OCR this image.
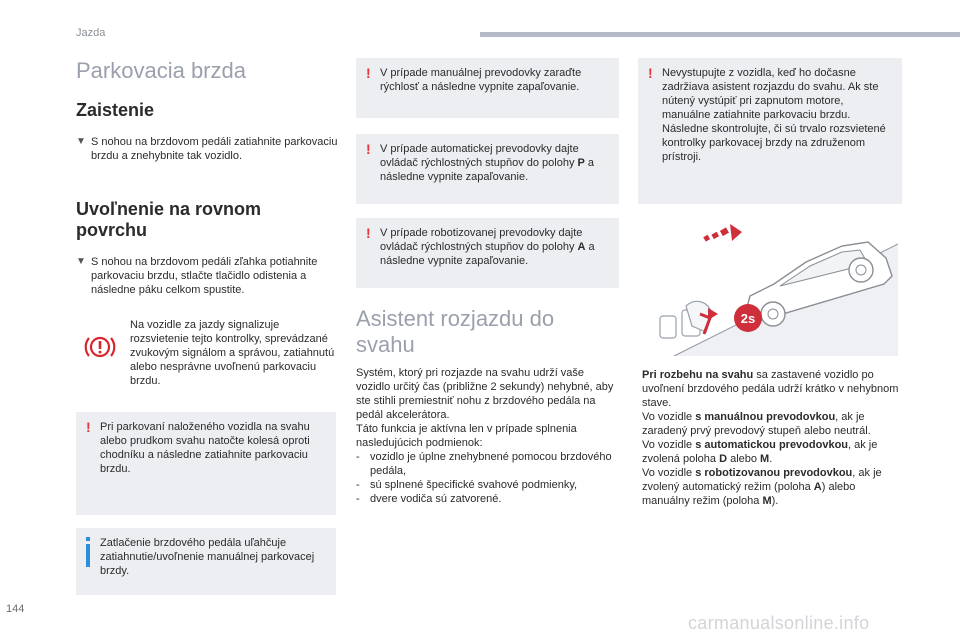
Jazda
Parkovacia brzda
Zaistenie
▼ S nohou na brzdovom pedáli zatiahnite parkovaciu brzdu a znehybnite tak vozidlo.
Uvoľnenie na rovnom povrchu
▼ S nohou na brzdovom pedáli zľahka potiahnite parkovaciu brzdu, stlačte tlačidlo odistenia a následne páku celkom spustite.
Na vozidle za jazdy signalizuje rozsvietenie tejto kontrolky, sprevádzané zvukovým signálom a správou, zatiahnutú alebo nesprávne uvoľnenú parkovaciu brzdu.
! Pri parkovaní naloženého vozidla na svahu alebo prudkom svahu natočte kolesá oproti chodníku a následne zatiahnite parkovaciu brzdu.
Zatlačenie brzdového pedála uľahčuje zatiahnutie/uvoľnenie manuálnej parkovacej brzdy.
! V prípade manuálnej prevodovky zaraďte rýchlosť a následne vypnite zapaľovanie.
! V prípade automatickej prevodovky dajte ovládač rýchlostných stupňov do polohy P a následne vypnite zapaľovanie.
! V prípade robotizovanej prevodovky dajte ovládač rýchlostných stupňov do polohy A a následne vypnite zapaľovanie.
Asistent rozjazdu do svahu
Systém, ktorý pri rozjazde na svahu udrží vaše vozidlo určitý čas (približne 2 sekundy) nehybné, aby ste stihli premiestniť nohu z brzdového pedála na pedál akcelerátora.
Táto funkcia je aktívna len v prípade splnenia nasledujúcich podmienok:
- vozidlo je úplne znehybnené pomocou brzdového pedála,
- sú splnené špecifické svahové podmienky,
- dvere vodiča sú zatvorené.
! Nevystupujte z vozidla, keď ho dočasne zadržiava asistent rozjazdu do svahu. Ak ste nútený vystúpiť pri zapnutom motore, manuálne zatiahnite parkovaciu brzdu. Následne skontrolujte, či sú trvalo rozsvietené kontrolky parkovacej brzdy na združenom prístroji.
2s
Pri rozbehu na svahu sa zastavené vozidlo po uvoľnení brzdového pedála udrží krátko v nehybnom stave.
Vo vozidle s manuálnou prevodovkou, ak je zaradený prvý prevodový stupeň alebo neutrál.
Vo vozidle s automatickou prevodovkou, ak je zvolená poloha D alebo M.
Vo vozidle s robotizovanou prevodovkou, ak je zvolený automatický režim (poloha A) alebo manuálny režim (poloha M).
144
carmanualsonline.info
